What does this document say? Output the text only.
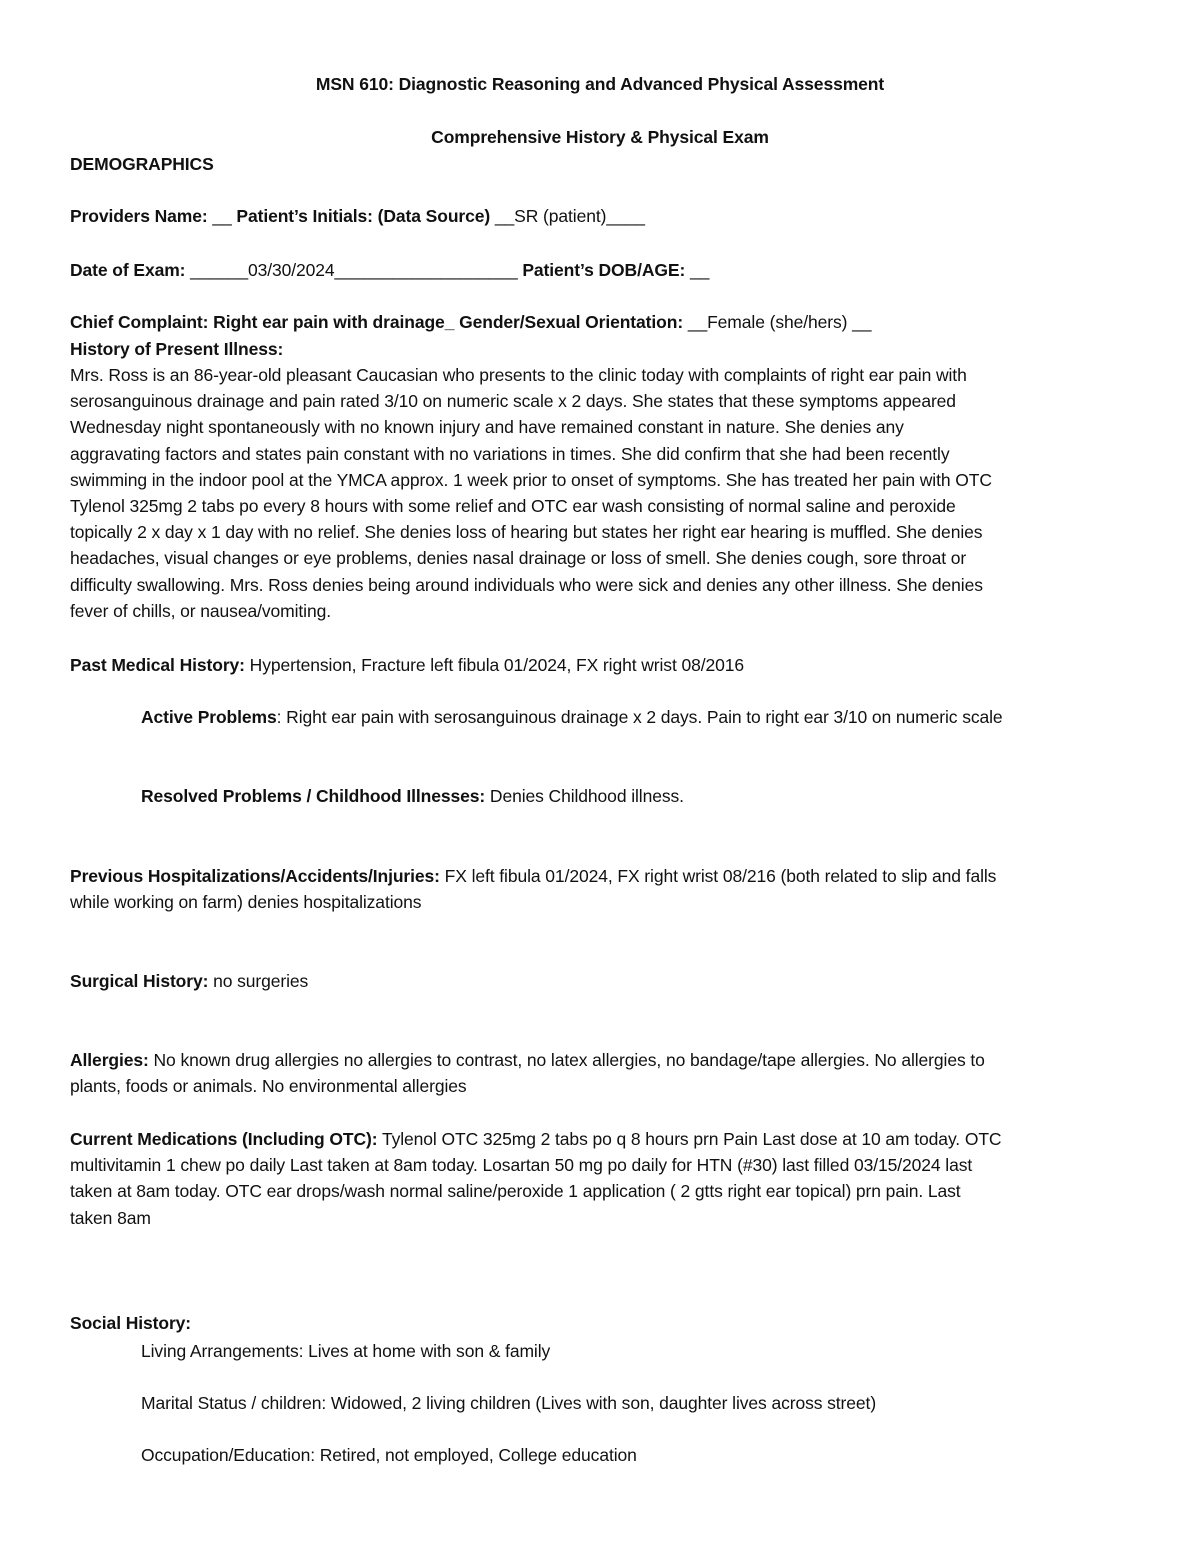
MSN 610: Diagnostic Reasoning and Advanced Physical Assessment
Comprehensive History & Physical Exam
DEMOGRAPHICS
Providers Name: __ Patient’s Initials: (Data Source) __SR (patient)____
Date of Exam: ______03/30/2024___________________ Patient’s DOB/AGE: __
Chief Complaint: Right ear pain with drainage_ Gender/Sexual Orientation: __Female (she/hers) __
History of Present Illness:

Mrs. Ross is an 86-year-old pleasant Caucasian who presents to the clinic today with complaints of right ear pain with

serosanguinous drainage and pain rated 3/10 on numeric scale x 2 days. She states that these symptoms appeared

Wednesday night spontaneously with no known injury and have remained constant in nature. She denies any

aggravating factors and states pain constant with no variations in times. She did confirm that she had been recently

swimming in the indoor pool at the YMCA approx. 1 week prior to onset of symptoms. She has treated her pain with OTC

Tylenol 325mg 2 tabs po every 8 hours with some relief and OTC ear wash consisting of normal saline and peroxide

topically 2 x day x 1 day with no relief. She denies loss of hearing but states her right ear hearing is muffled. She denies

headaches, visual changes or eye problems, denies nasal drainage or loss of smell. She denies cough, sore throat or

difficulty swallowing. Mrs. Ross denies being around individuals who were sick and denies any other illness. She denies

fever of chills, or nausea/vomiting.

Past Medical History: Hypertension, Fracture left fibula 01/2024, FX right wrist 08/2016
Active Problems: Right ear pain with serosanguinous drainage x 2 days. Pain to right ear 3/10 on numeric scale
Resolved Problems / Childhood Illnesses: Denies Childhood illness.

Previous Hospitalizations/Accidents/Injuries: FX left fibula 01/2024, FX right wrist 08/216 (both related to slip and falls

while working on farm) denies hospitalizations

Surgical History: no surgeries

Allergies: No known drug allergies no allergies to contrast, no latex allergies, no bandage/tape allergies. No allergies to

plants, foods or animals. No environmental allergies

Current Medications (Including OTC): Tylenol OTC 325mg 2 tabs po q 8 hours prn Pain Last dose at 10 am today. OTC

multivitamin 1 chew po daily Last taken at 8am today. Losartan 50 mg po daily for HTN (#30) last filled 03/15/2024 last

taken at 8am today. OTC ear drops/wash normal saline/peroxide 1 application ( 2 gtts right ear topical) prn pain. Last

taken 8am

Social History:
Living Arrangements: Lives at home with son & family
Marital Status / children: Widowed, 2 living children (Lives with son, daughter lives across street)
Occupation/Education: Retired, not employed, College education
